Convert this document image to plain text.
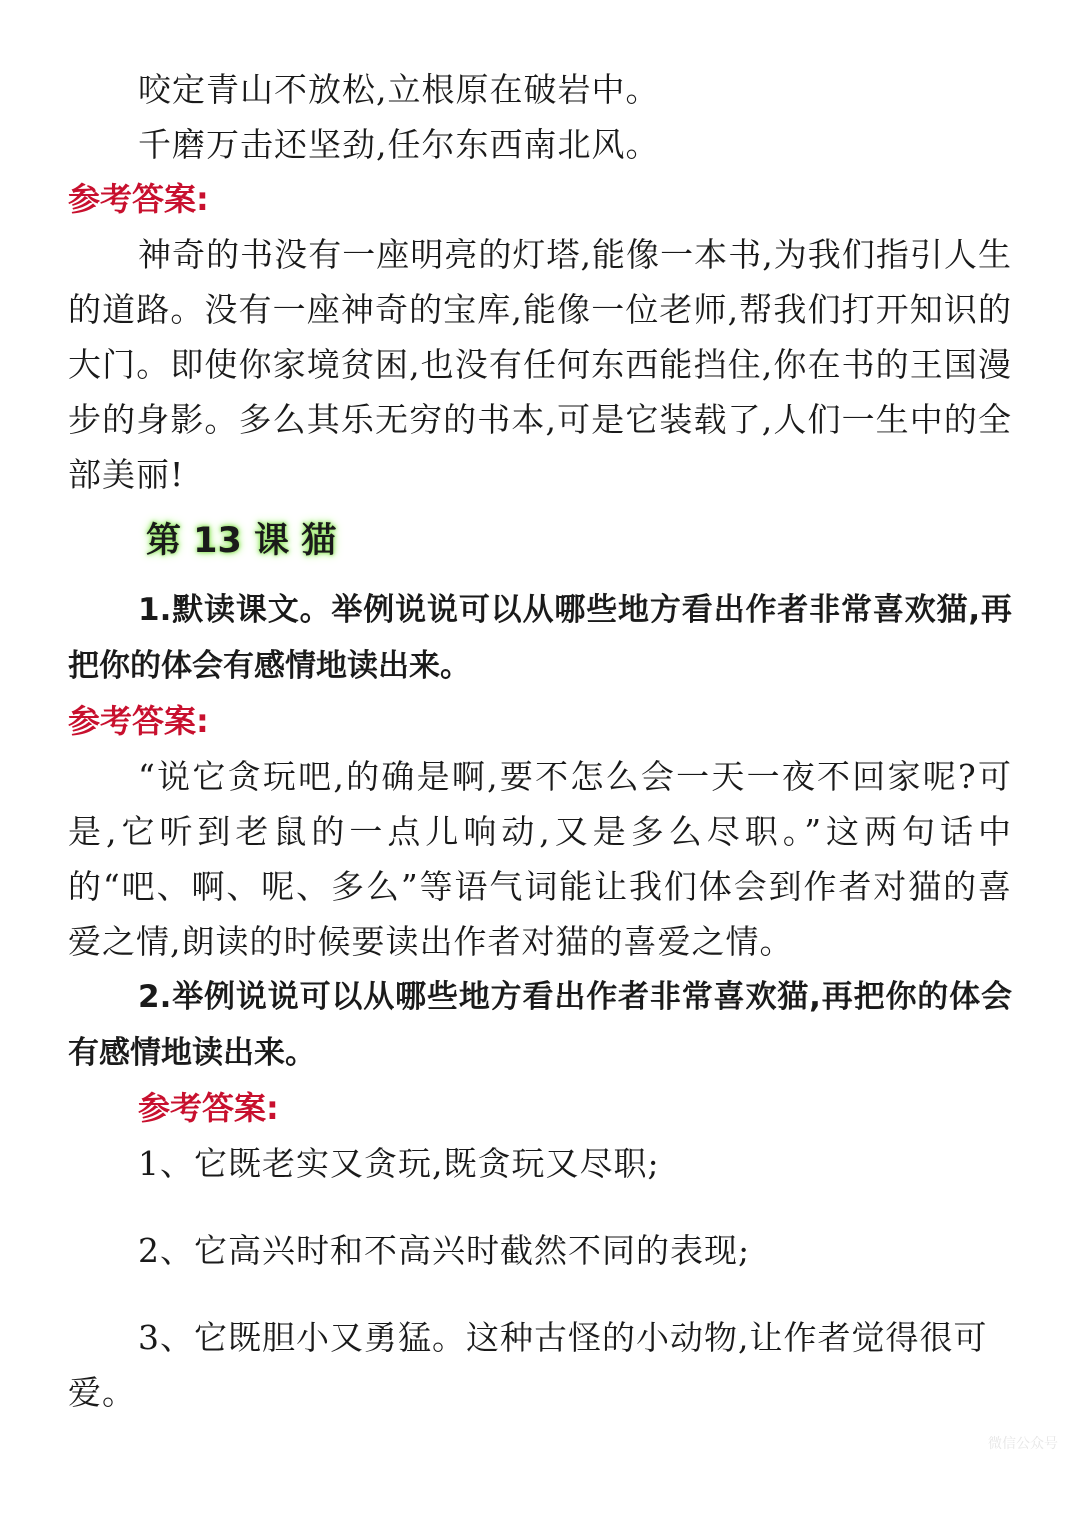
咬定青山不放松,立根原在破岩中。

千磨万击还坚劲,任尔东西南北风。

参考答案:

神奇的书没有一座明亮的灯塔,能像一本书,为我们指引人生的道路。没有一座神奇的宝库,能像一位老师,帮我们打开知识的大门。即使你家境贫困,也没有任何东西能挡住,你在书的王国漫步的身影。多么其乐无穷的书本,可是它装载了,人们一生中的全部美丽!

第 13 课 猫

1.默读课文。举例说说可以从哪些地方看出作者非常喜欢猫,再把你的体会有感情地读出来。

参考答案:

“说它贪玩吧,的确是啊,要不怎么会一天一夜不回家呢?可是,它听到老鼠的一点儿响动,又是多么尽职。”这两句话中的“吧、啊、呢、多么”等语气词能让我们体会到作者对猫的喜爱之情,朗读的时候要读出作者对猫的喜爱之情。

2.举例说说可以从哪些地方看出作者非常喜欢猫,再把你的体会有感情地读出来。

参考答案:

1、它既老实又贪玩,既贪玩又尽职;

2、它高兴时和不高兴时截然不同的表现;

3、它既胆小又勇猛。这种古怪的小动物,让作者觉得很可爱。

微信公众号
